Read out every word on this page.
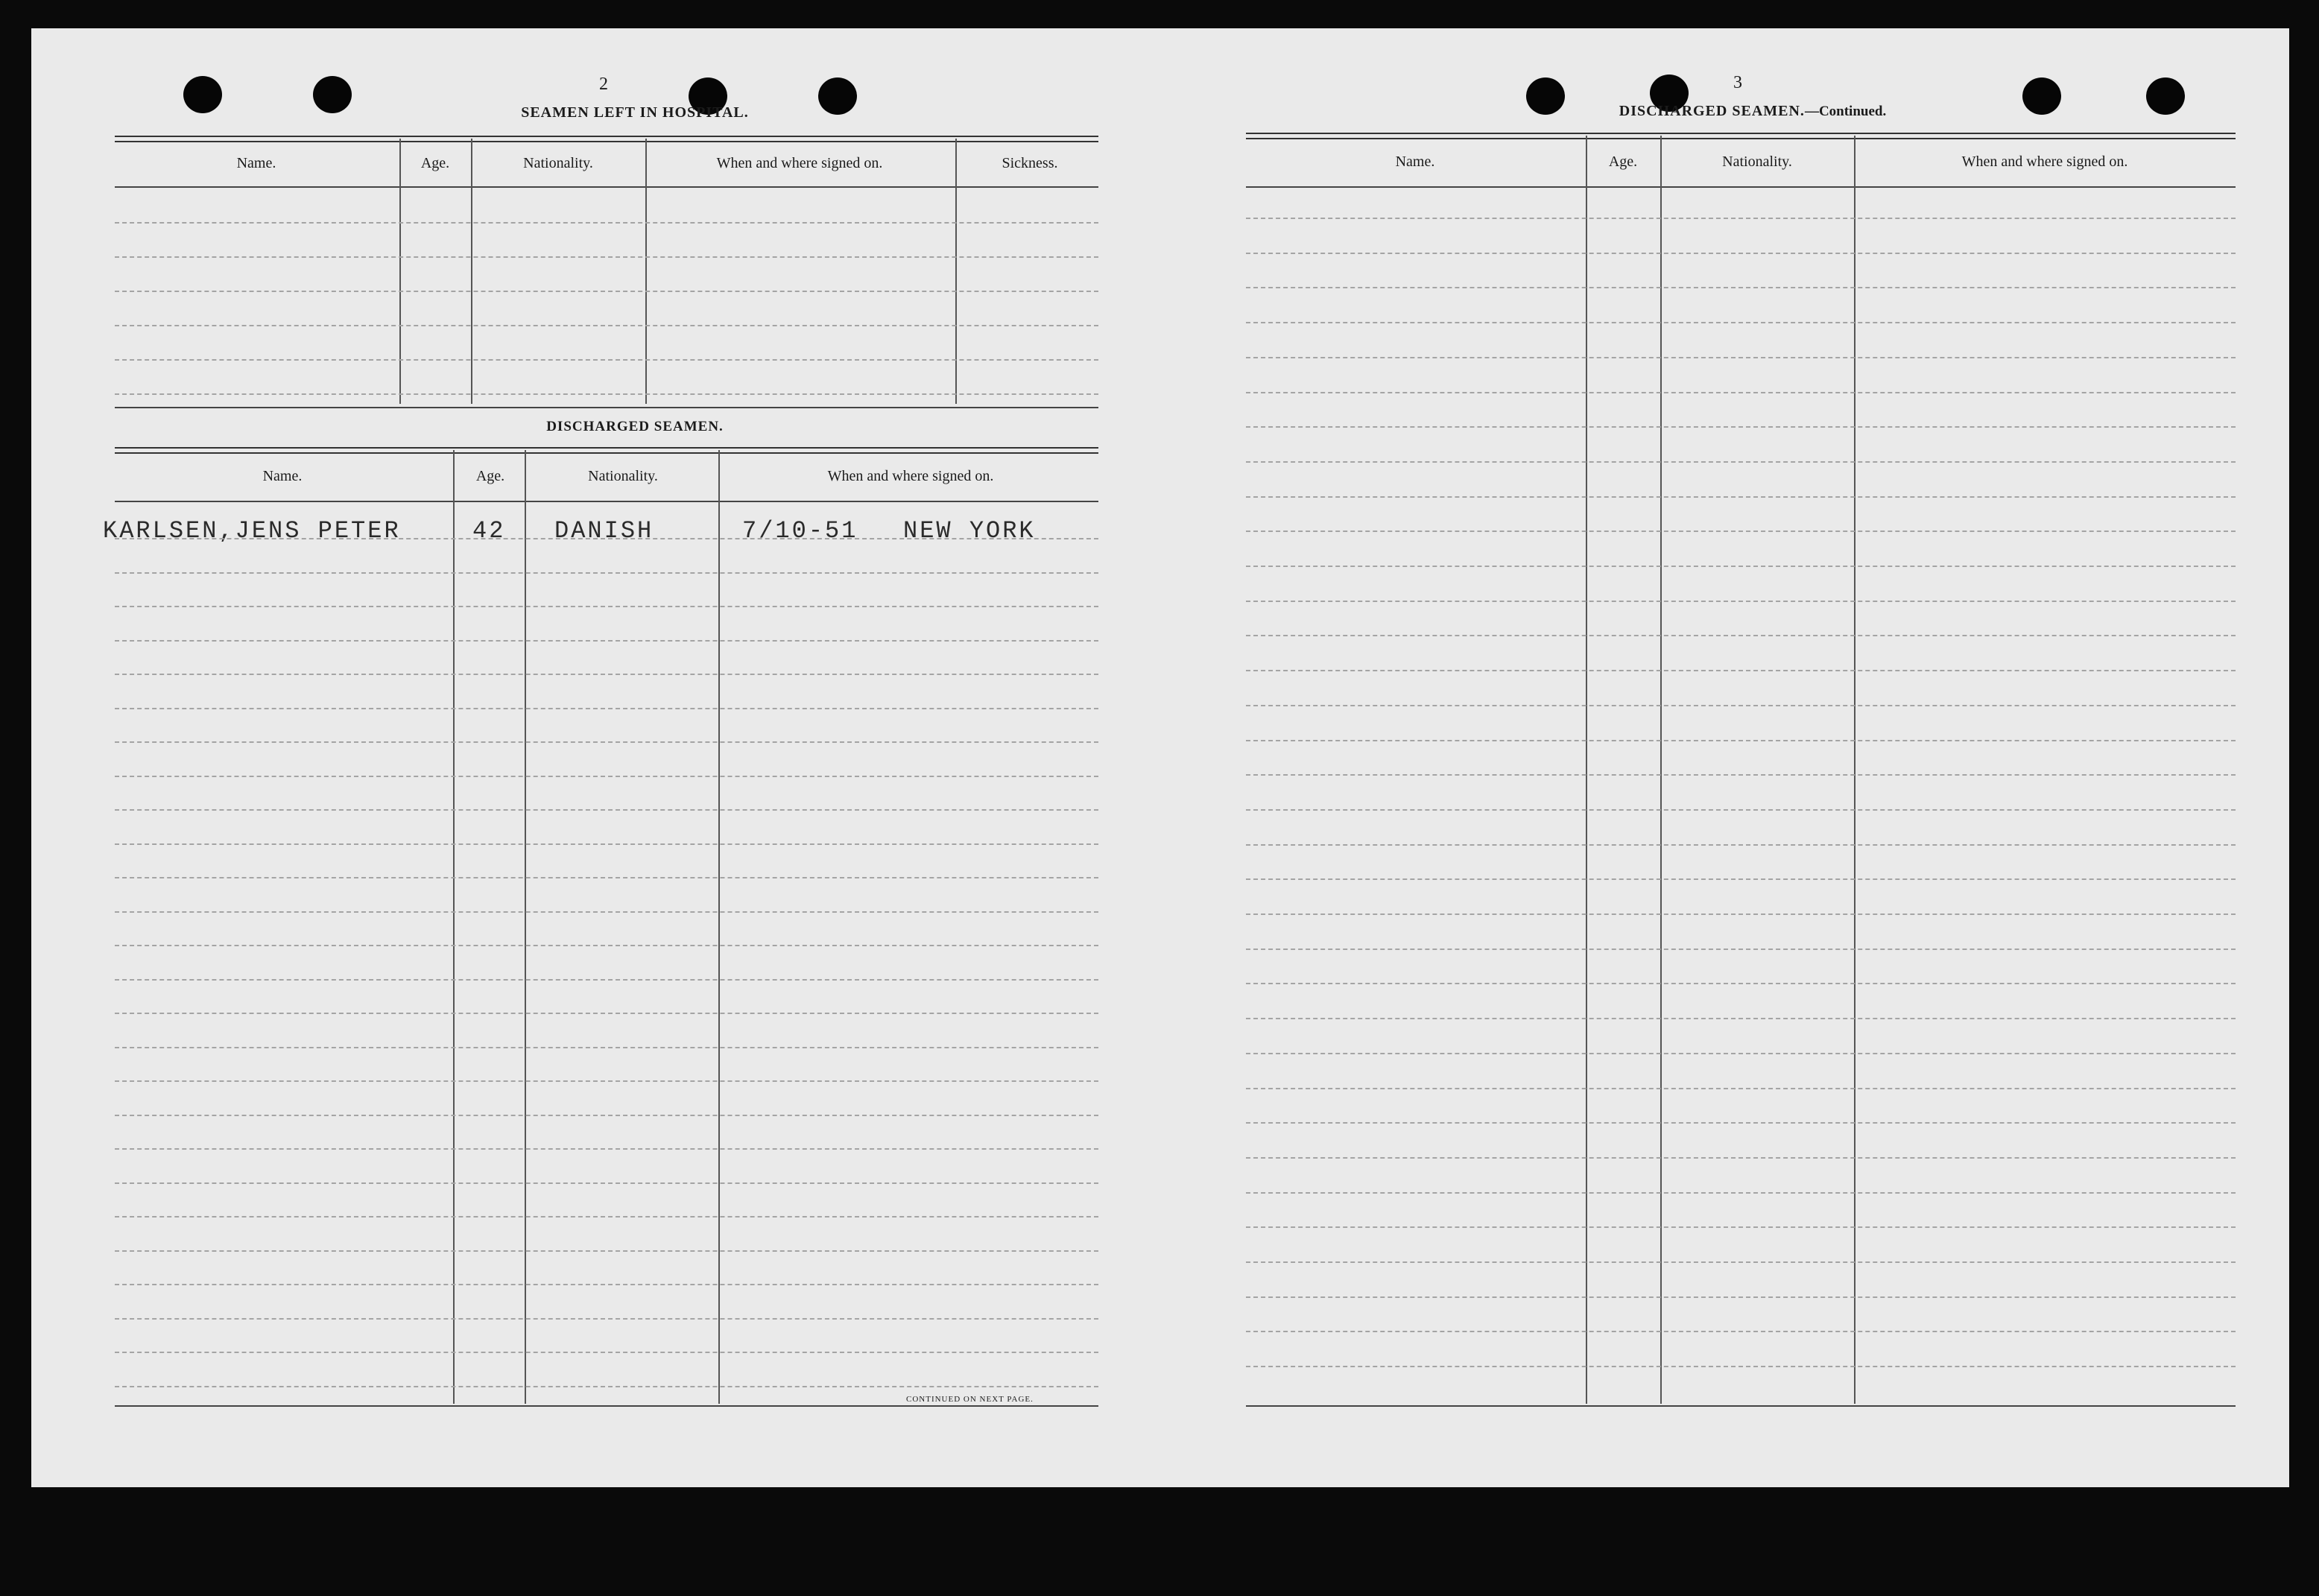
2
SEAMEN LEFT IN HOSPITAL.
Name.	Age.	Nationality.	When and where signed on.	Sickness.
DISCHARGED SEAMEN.
Name.	Age.	Nationality.	When and where signed on.
KARLSEN,JENS PETER	42 DANISH	7/10-51 NEW YORK
CONTINUED ON NEXT PAGE.
3
DISCHARGED SEAMEN.—Continued.
Name.	Age.	Nationality.	When and where signed on.
